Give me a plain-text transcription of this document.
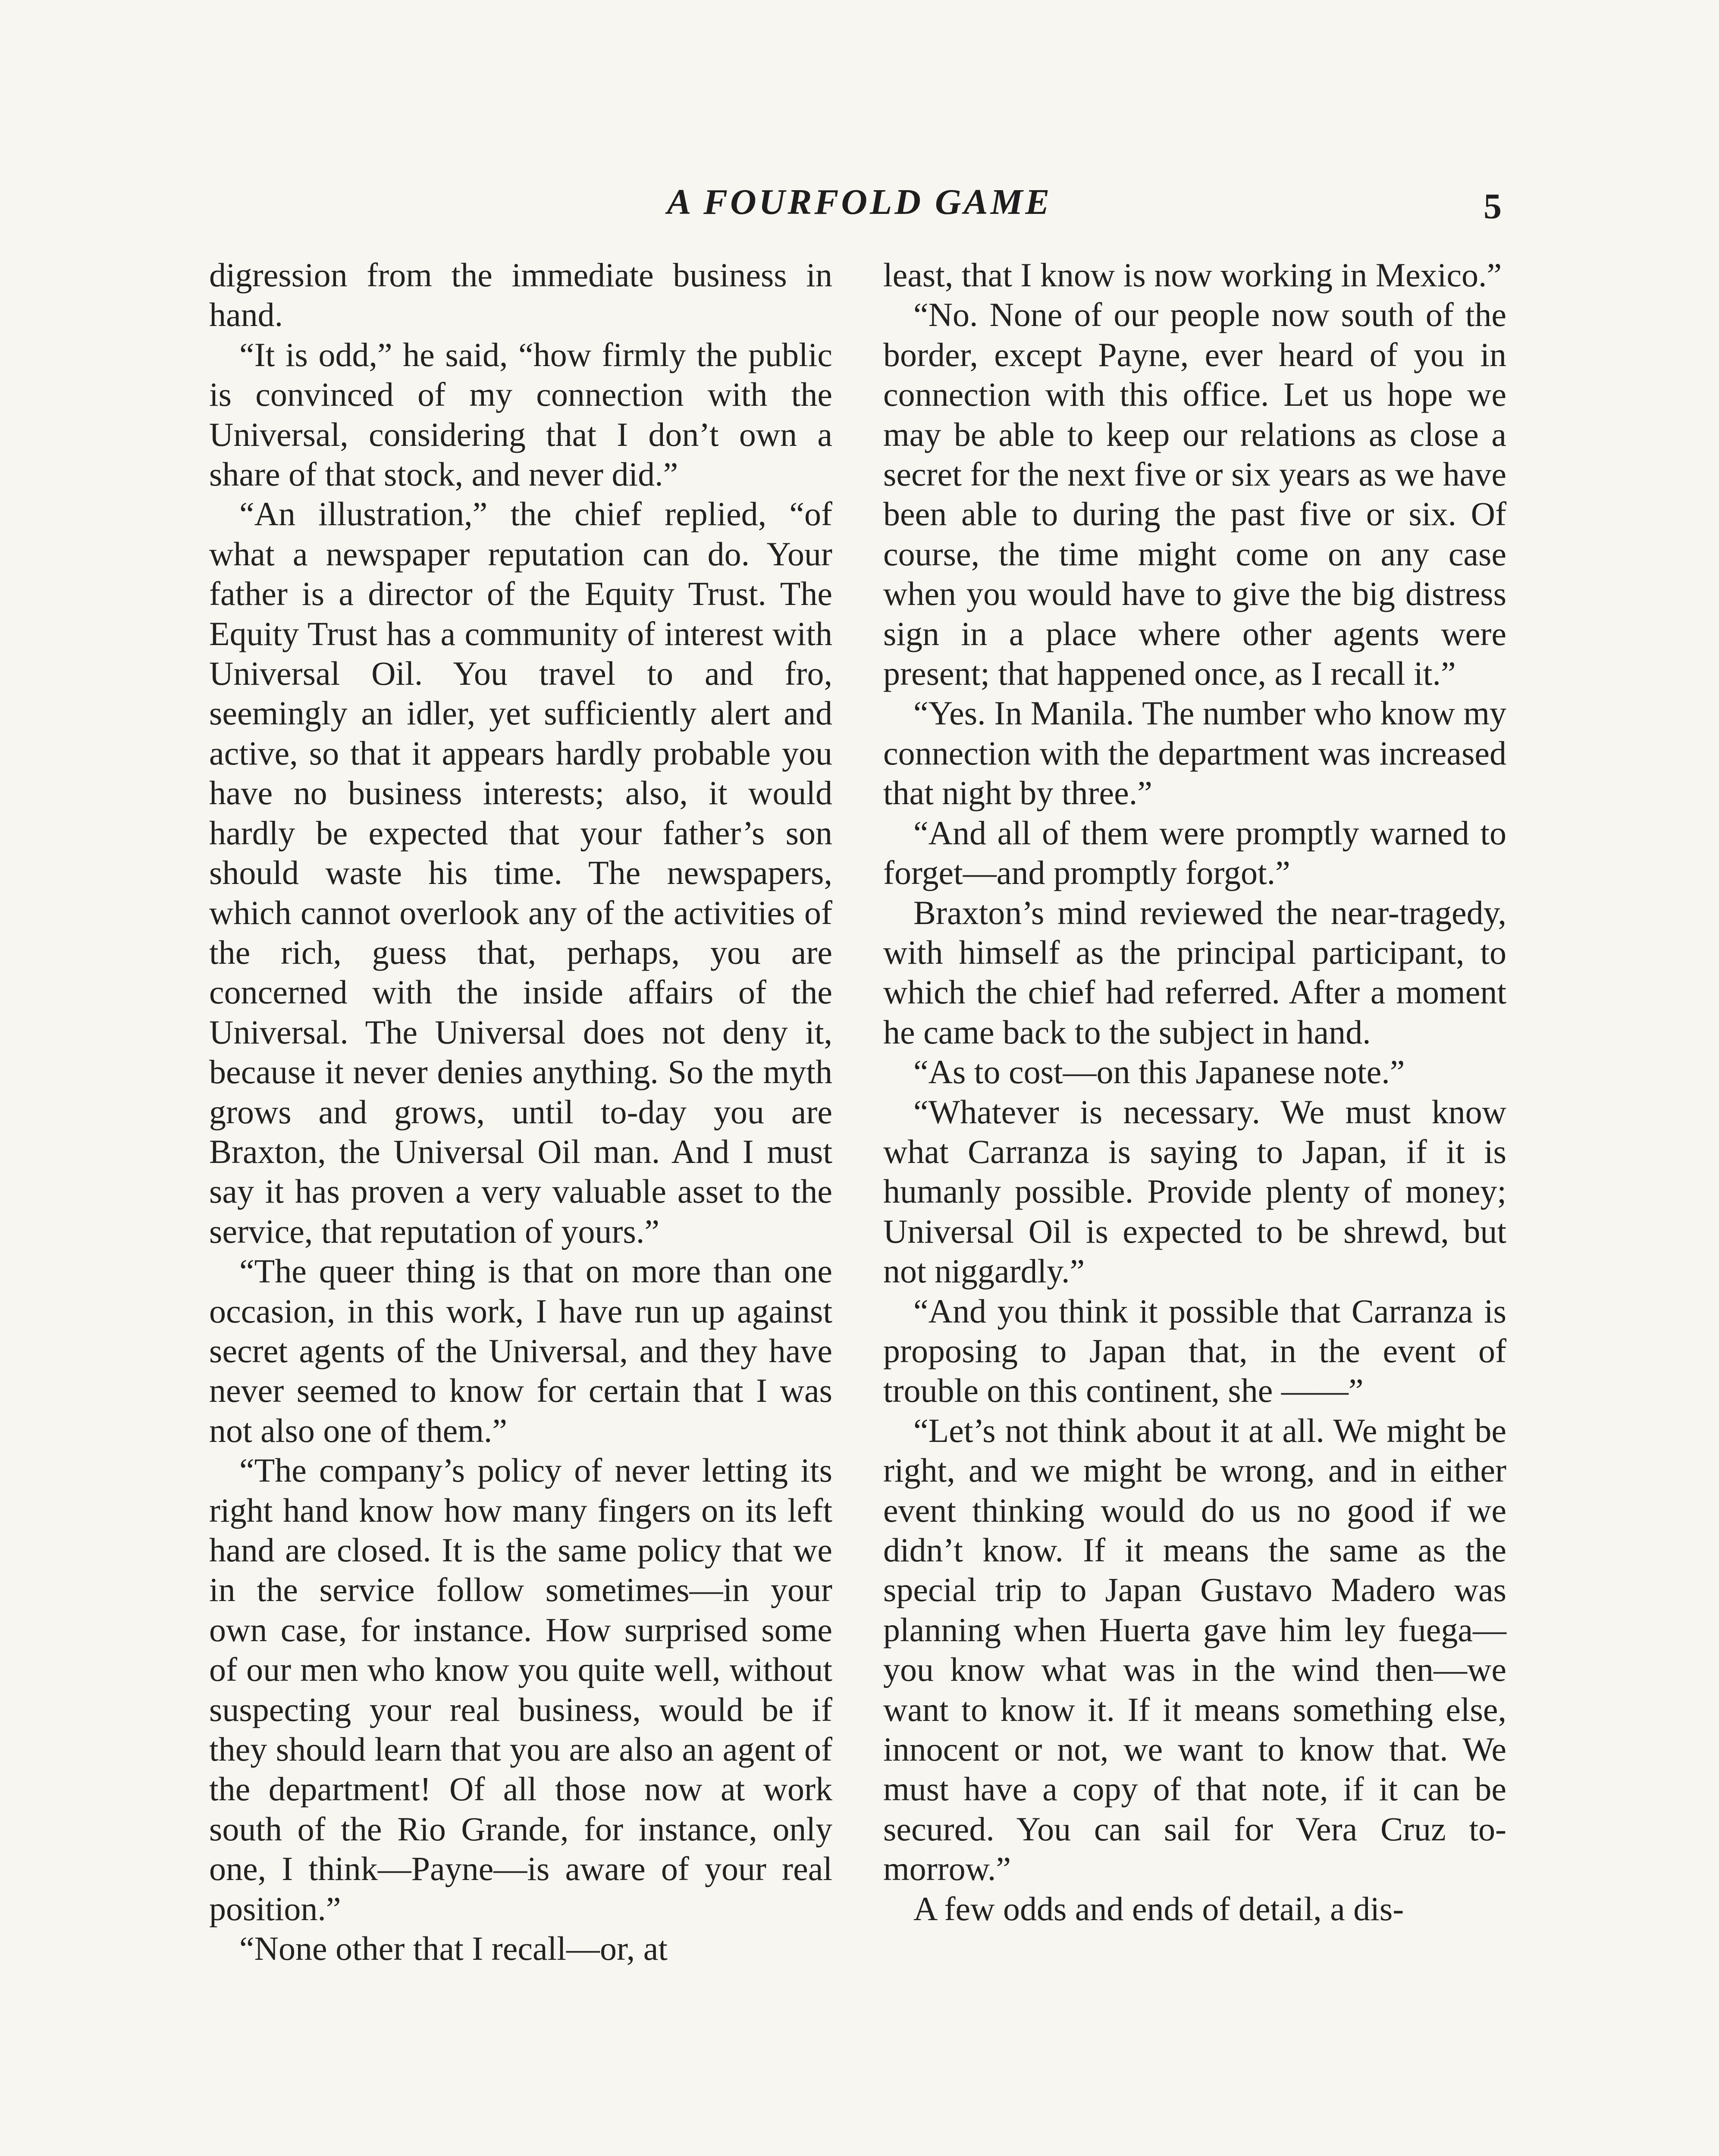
A FOURFOLD GAME	5

digression from the immediate business in hand.

“It is odd,” he said, “how firmly the public is convinced of my connection with the Universal, considering that I don’t own a share of that stock, and never did.”

“An illustration,” the chief replied, “of what a newspaper reputation can do. Your father is a director of the Equity Trust. The Equity Trust has a community of interest with Universal Oil. You travel to and fro, seemingly an idler, yet sufficiently alert and active, so that it appears hardly probable you have no business interests; also, it would hardly be expected that your father’s son should waste his time. The newspapers, which cannot overlook any of the activities of the rich, guess that, perhaps, you are concerned with the inside affairs of the Universal. The Universal does not deny it, because it never denies anything. So the myth grows and grows, until to-day you are Braxton, the Universal Oil man. And I must say it has proven a very valuable asset to the service, that reputation of yours.”

“The queer thing is that on more than one occasion, in this work, I have run up against secret agents of the Universal, and they have never seemed to know for certain that I was not also one of them.”

“The company’s policy of never letting its right hand know how many fingers on its left hand are closed. It is the same policy that we in the service follow sometimes—in your own case, for instance. How surprised some of our men who know you quite well, without suspecting your real business, would be if they should learn that you are also an agent of the department! Of all those now at work south of the Rio Grande, for instance, only one, I think—Payne—is aware of your real position.”

“None other that I recall—or, at

least, that I know is now working in Mexico.”

“No. None of our people now south of the border, except Payne, ever heard of you in connection with this office. Let us hope we may be able to keep our relations as close a secret for the next five or six years as we have been able to during the past five or six. Of course, the time might come on any case when you would have to give the big distress sign in a place where other agents were present; that happened once, as I recall it.”

“Yes. In Manila. The number who know my connection with the department was increased that night by three.”

“And all of them were promptly warned to forget—and promptly forgot.”

Braxton’s mind reviewed the near-tragedy, with himself as the principal participant, to which the chief had referred. After a moment he came back to the subject in hand.

“As to cost—on this Japanese note.”

“Whatever is necessary. We must know what Carranza is saying to Japan, if it is humanly possible. Provide plenty of money; Universal Oil is expected to be shrewd, but not niggardly.”

“And you think it possible that Carranza is proposing to Japan that, in the event of trouble on this continent, she ——”

“Let’s not think about it at all. We might be right, and we might be wrong, and in either event thinking would do us no good if we didn’t know. If it means the same as the special trip to Japan Gustavo Madero was planning when Huerta gave him ley fuega—you know what was in the wind then—we want to know it. If it means something else, innocent or not, we want to know that. We must have a copy of that note, if it can be secured. You can sail for Vera Cruz to-morrow.”

A few odds and ends of detail, a dis-
